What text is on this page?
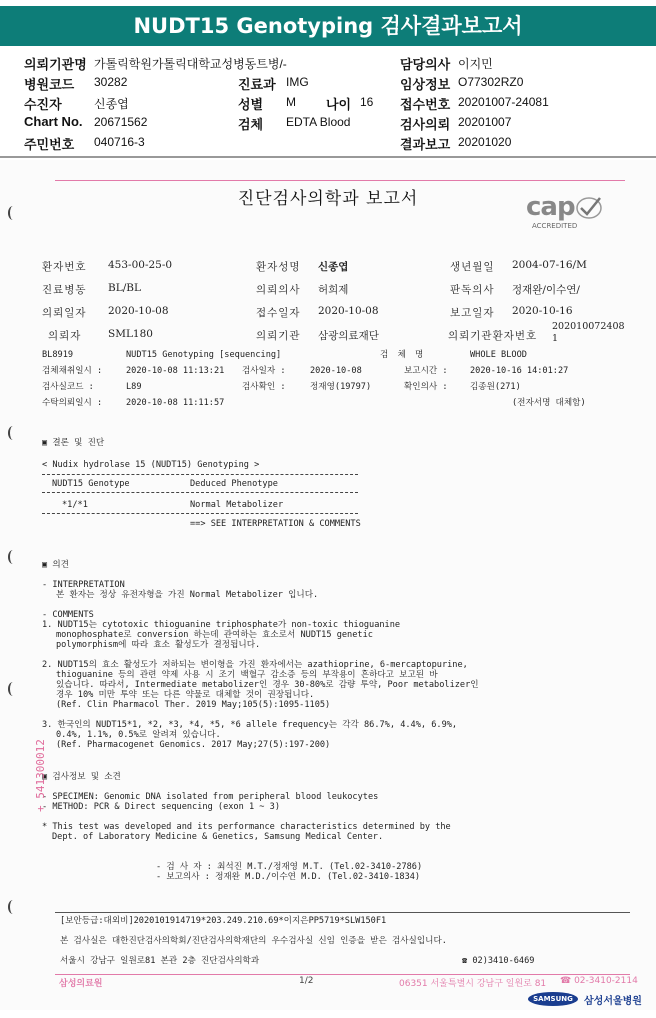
NUDT15 Genotyping 검사결과보고서
의뢰기관명 가톨릭학원가톨릭대학교성병동트병/-	담당의사 이지민
병원코드 30282	진료과 IMG	임상정보 O77302RZ0
수진자	신종엽	성별 M 나이 16 접수번호 20201007-24081
Chart No. 20671562	검체 EDTA Blood	검사의뢰 20201007
주민번호 040716-3	결과보고 20201020
진단검사의학과 보고서	cap
ACCREDITED
환자번호 453-00-25-0	환자성명 신종엽	생년월일 2004-07-16/M
진료병동 BL/BL	의뢰의사 허희제	판독의사 정재완/이수연/
의뢰일자 2020-10-08	접수일자 2020-10-08	보고일자 2020-10-16
의뢰자	SML180	의뢰기관 삼광의료재단	의뢰기관환자번호
202010072408
1
BL8919	NUDT15 Genotyping [sequencing]	검 체 명	WHOLE BLOOD
검체채취일시 :	2020-10-08 11:13:21 검사일자 :	2020-10-08	보고시간 :	2020-10-16 14:01:27
검사실코드 :	L89	검사확인 :	정재영(19797)	확인의사 :	김종원(271)
수탁의뢰일시 :	2020-10-08 11:11:57	(전자서명 대체함)
▣ 결론 및 진단
< Nudix hydrolase 15 (NUDT15) Genotyping >
NUDT15 Genotype	Deduced Phenotype
*1/*1	Normal Metabolizer
==> SEE INTERPRETATION & COMMENTS
▣ 의견
- INTERPRETATION
본 환자는 정상 유전자형을 가진 Normal Metabolizer 입니다.
- COMMENTS
1. NUDT15는 cytotoxic thioguanine triphosphate가 non-toxic thioguanine
monophosphate로 conversion 하는데 관여하는 효소로서 NUDT15 genetic
polymorphism에 따라 효소 활성도가 결정됩니다.
2. NUDT15의 효소 활성도가 저하되는 변이형을 가진 환자에서는 azathioprine, 6-mercaptopurine,
thioguanine 등의 관련 약제 사용 시 조기 백혈구 감소증 등의 부작용이 흔하다고 보고된 바
있습니다. 따라서, Intermediate metabolizer인 경우 30-80%로 감량 투약, Poor metabolizer인
경우 10% 미만 투약 또는 다른 약물로 대체할 것이 권장됩니다.
(Ref. Clin Pharmacol Ther. 2019 May;105(5):1095-1105)
3. 한국인의 NUDT15*1, *2, *3, *4, *5, *6 allele frequency는 각각 86.7%, 4.4%, 6.9%,
0.4%, 1.1%, 0.5%로 알려져 있습니다.
(Ref. Pharmacogenet Genomics. 2017 May;27(5):197-200)
▣ 검사정보 및 소견
- SPECIMEN: Genomic DNA isolated from peripheral blood leukocytes
- METHOD: PCR & Direct sequencing (exon 1 ~ 3)
* This test was developed and its performance characteristics determined by the
Dept. of Laboratory Medicine & Genetics, Samsung Medical Center.
- 검 사 자 : 최석진 M.T./정재영 M.T. (Tel.02-3410-2786)
- 보고의사 : 정재완 M.D./이수연 M.D. (Tel.02-3410-1834)
+ 541300012
[보안등급:대외비]2020101914719*203.249.210.69*이지은PP5719*SLW150F1
본 검사실은 대한진단검사의학회/진단검사의학재단의 우수검사실 신임 인증을 받은 검사실입니다.
서울시 강남구 일원로81 본관 2층 진단검사의학과	☎ 02)3410-6469
삼성의료원	1/2	06351 서울특별시 강남구 일원로 81 ☎ 02-3410-2114
SAMSUNG	삼성서울병원
